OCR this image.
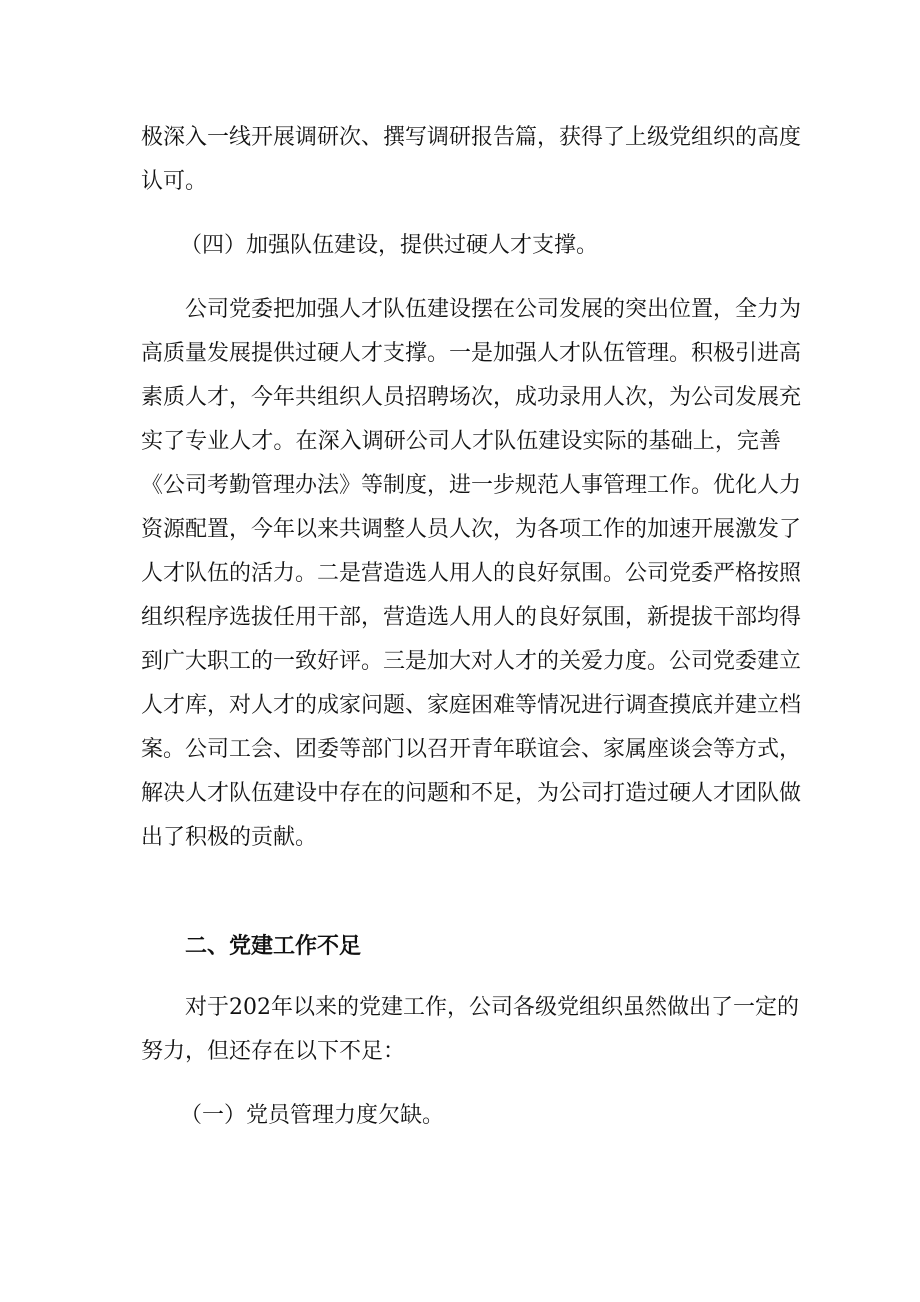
极深入一线开展调研次、撰写调研报告篇，获得了上级党组织的高度
认可。
（四）加强队伍建设，提供过硬人才支撑。
公司党委把加强人才队伍建设摆在公司发展的突出位置，全力为
高质量发展提供过硬人才支撑。一是加强人才队伍管理。积极引进高
素质人才，今年共组织人员招聘场次，成功录用人次，为公司发展充
实了专业人才。在深入调研公司人才队伍建设实际的基础上，完善
《公司考勤管理办法》等制度，进一步规范人事管理工作。优化人力
资源配置，今年以来共调整人员人次，为各项工作的加速开展激发了
人才队伍的活力。二是营造选人用人的良好氛围。公司党委严格按照
组织程序选拔任用干部，营造选人用人的良好氛围，新提拔干部均得
到广大职工的一致好评。三是加大对人才的关爱力度。公司党委建立
人才库，对人才的成家问题、家庭困难等情况进行调查摸底并建立档
案。公司工会、团委等部门以召开青年联谊会、家属座谈会等方式，
解决人才队伍建设中存在的问题和不足，为公司打造过硬人才团队做
出了积极的贡献。
二、党建工作不足
对于202年以来的党建工作，公司各级党组织虽然做出了一定的
努力，但还存在以下不足：
（一）党员管理力度欠缺。
